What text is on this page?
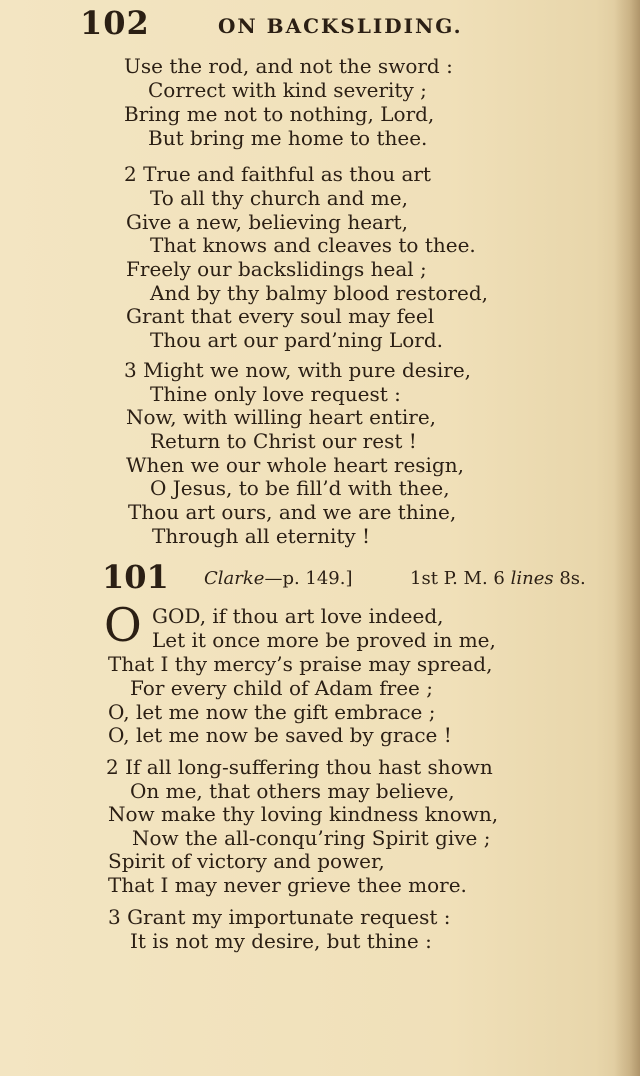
102	ON BACKSLIDING.
Use the rod, and not the sword :
Correct with kind severity ;
Bring me not to nothing, Lord,
But bring me home to thee.
2 True and faithful as thou art
To all thy church and me,
Give a new, believing heart,
That knows and cleaves to thee.
Freely our backslidings heal ;
And by thy balmy blood restored,
Grant that every soul may feel
Thou art our pard’ning Lord.
3 Might we now, with pure desire,
Thine only love request :
Now, with willing heart entire,
Return to Christ our rest !
When we our whole heart resign,
O Jesus, to be fill’d with thee,
Thou art ours, and we are thine,
Through all eternity !
101 Clarke—p. 149.]	1st P. M. 6 lines 8s.
O GOD, if thou art love indeed,
Let it once more be proved in me,
That I thy mercy’s praise may spread,
For every child of Adam free ;
O, let me now the gift embrace ;
O, let me now be saved by grace !
2 If all long-suffering thou hast shown
On me, that others may believe,
Now make thy loving kindness known,
Now the all-conqu’ring Spirit give ;
Spirit of victory and power,
That I may never grieve thee more.
3 Grant my importunate request :
It is not my desire, but thine :
